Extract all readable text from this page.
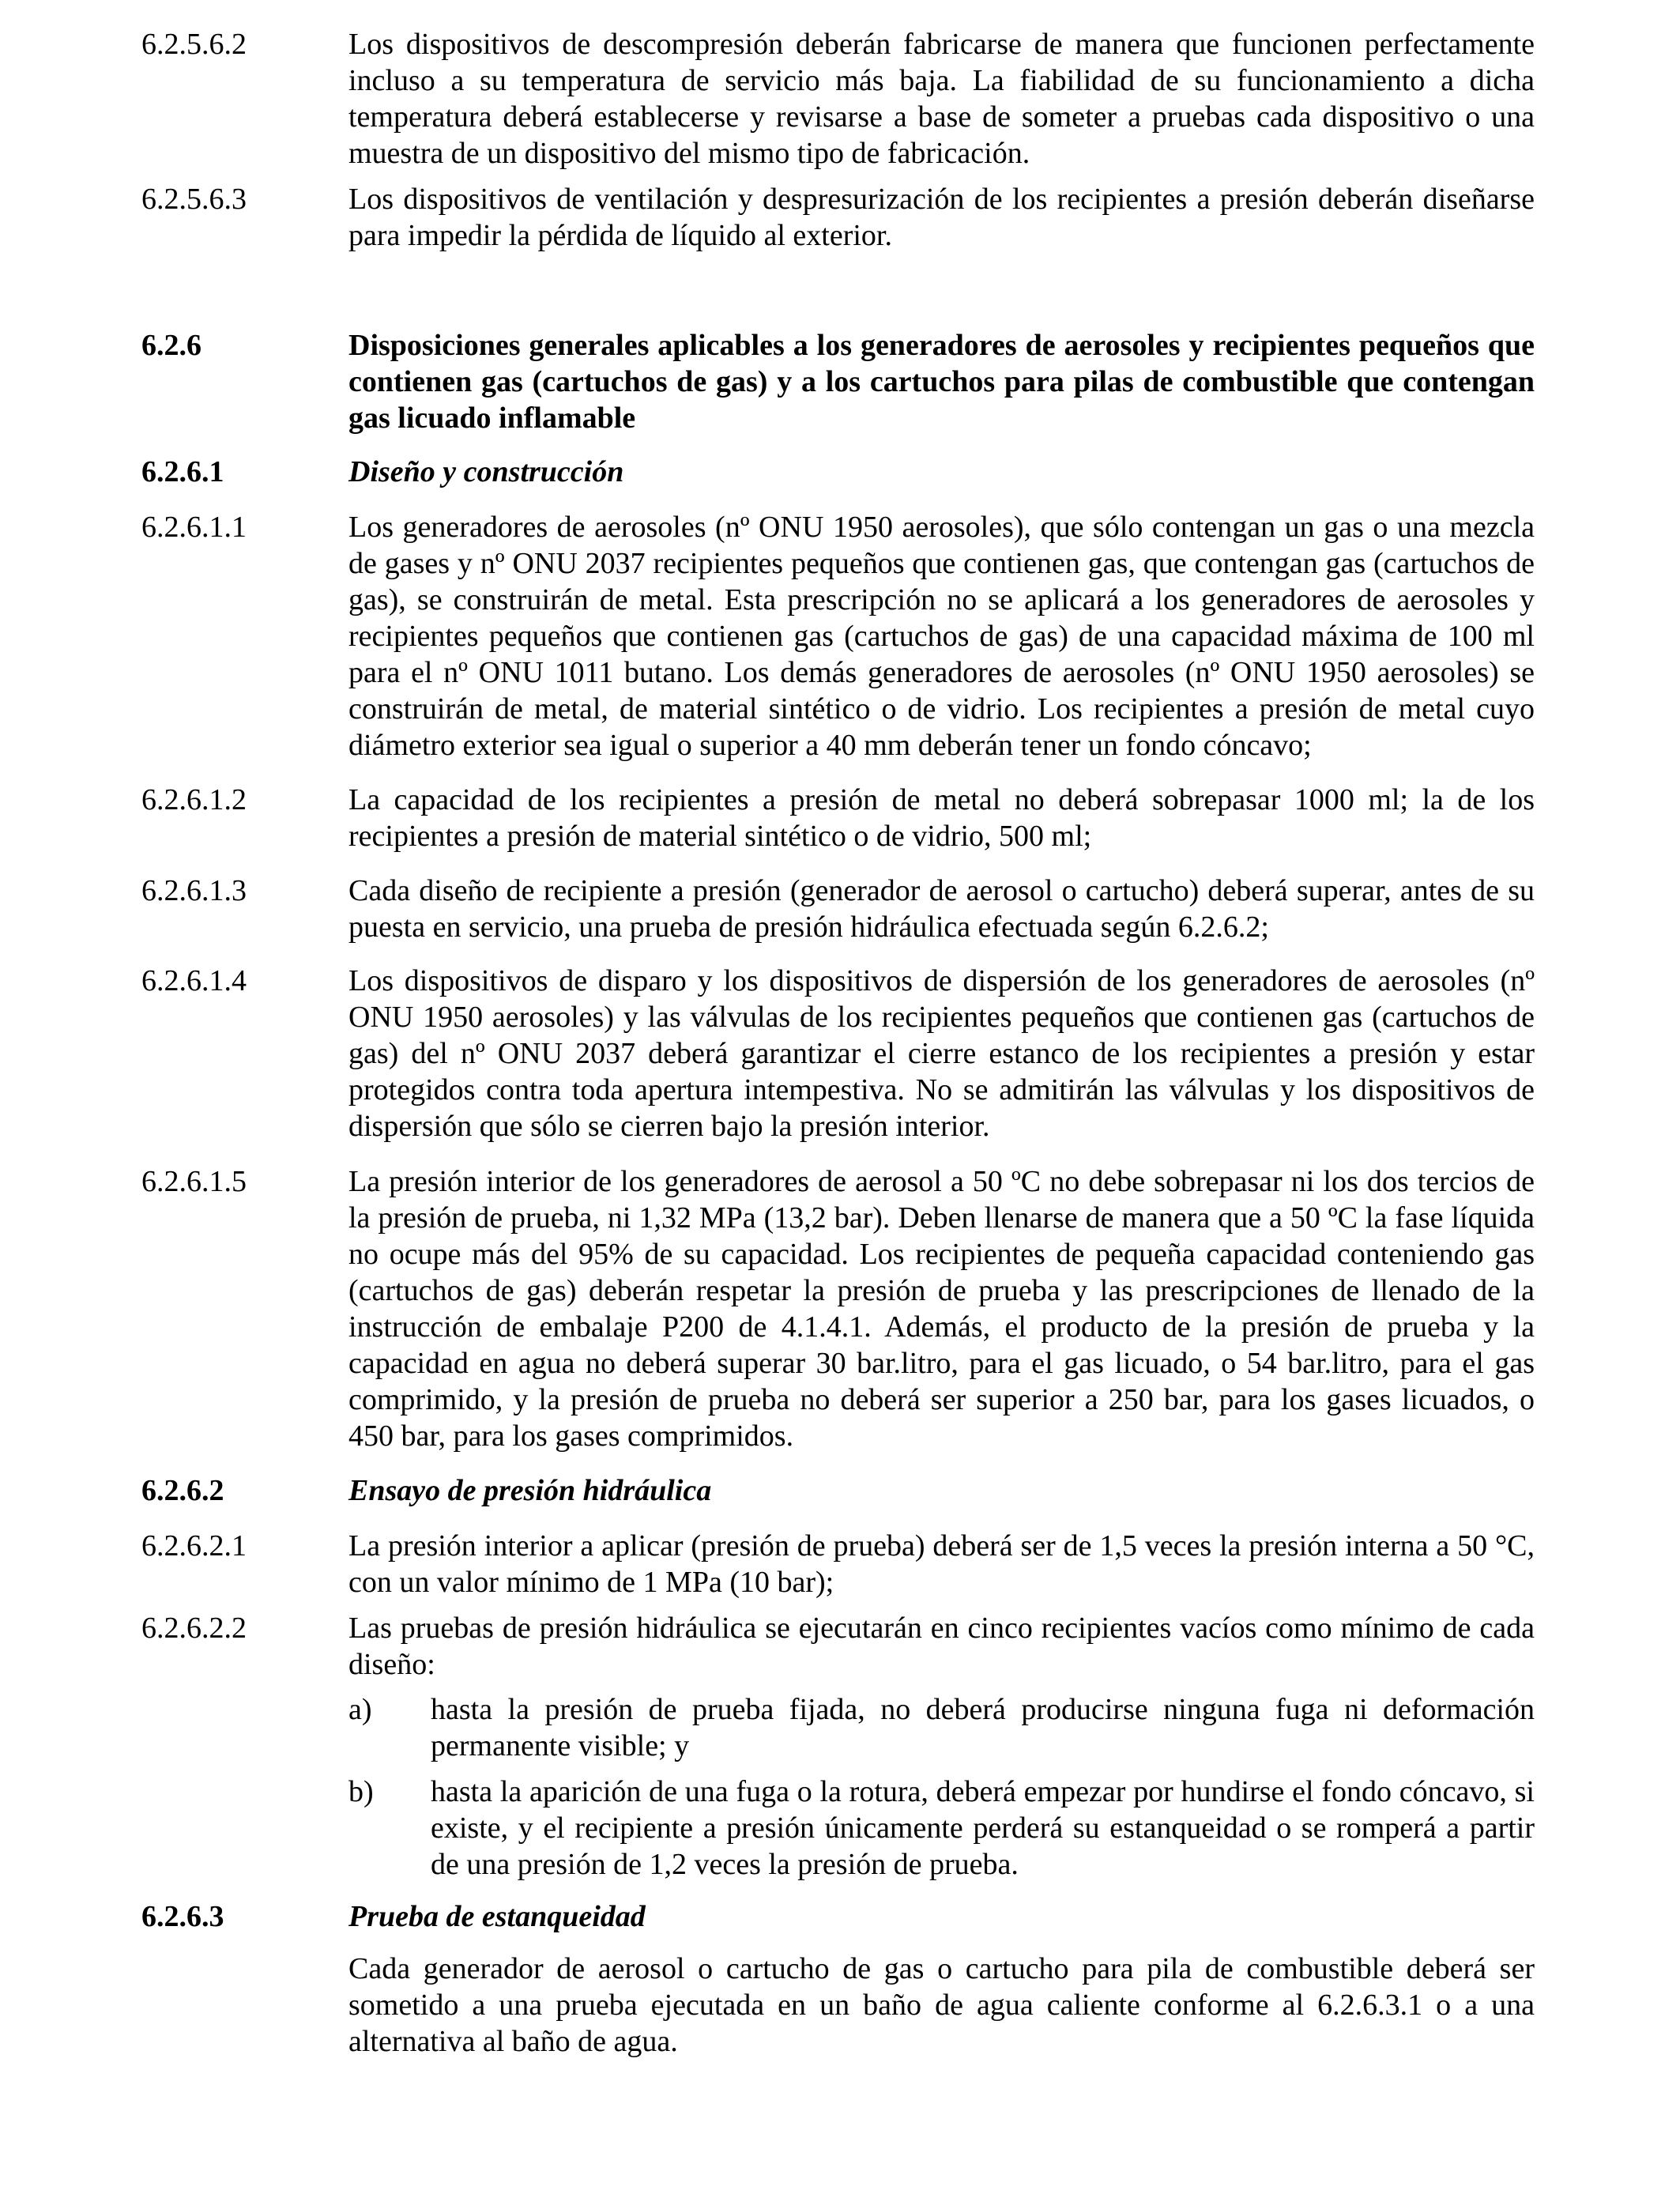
6.2.5.6.2	Los dispositivos de descompresión deberán fabricarse de manera que funcionen perfectamente incluso a su temperatura de servicio más baja. La fiabilidad de su funcionamiento a dicha temperatura deberá establecerse y revisarse a base de someter a pruebas cada dispositivo o una muestra de un dispositivo del mismo tipo de fabricación.
6.2.5.6.3	Los dispositivos de ventilación y despresurización de los recipientes a presión deberán diseñarse para impedir la pérdida de líquido al exterior.
6.2.6	Disposiciones generales aplicables a los generadores de aerosoles y recipientes pequeños que contienen gas (cartuchos de gas) y a los cartuchos para pilas de combustible que contengan gas licuado inflamable
6.2.6.1	Diseño y construcción
6.2.6.1.1	Los generadores de aerosoles (nº ONU 1950 aerosoles), que sólo contengan un gas o una mezcla de gases y nº ONU 2037 recipientes pequeños que contienen gas, que contengan gas (cartuchos de gas), se construirán de metal. Esta prescripción no se aplicará a los generadores de aerosoles y recipientes pequeños que contienen gas (cartuchos de gas) de una capacidad máxima de 100 ml para el nº ONU 1011 butano. Los demás generadores de aerosoles (nº ONU 1950 aerosoles) se construirán de metal, de material sintético o de vidrio. Los recipientes a presión de metal cuyo diámetro exterior sea igual o superior a 40 mm deberán tener un fondo cóncavo;
6.2.6.1.2	La capacidad de los recipientes a presión de metal no deberá sobrepasar 1000 ml; la de los recipientes a presión de material sintético o de vidrio, 500 ml;
6.2.6.1.3	Cada diseño de recipiente a presión (generador de aerosol o cartucho) deberá superar, antes de su puesta en servicio, una prueba de presión hidráulica efectuada según 6.2.6.2;
6.2.6.1.4	Los dispositivos de disparo y los dispositivos de dispersión de los generadores de aerosoles (nº ONU 1950 aerosoles) y las válvulas de los recipientes pequeños que contienen gas (cartuchos de gas) del nº ONU 2037 deberá garantizar el cierre estanco de los recipientes a presión y estar protegidos contra toda apertura intempestiva. No se admitirán las válvulas y los dispositivos de dispersión que sólo se cierren bajo la presión interior.
6.2.6.1.5	La presión interior de los generadores de aerosol a 50 ºC no debe sobrepasar ni los dos tercios de la presión de prueba, ni 1,32 MPa (13,2 bar). Deben llenarse de manera que a 50 ºC la fase líquida no ocupe más del 95% de su capacidad. Los recipientes de pequeña capacidad conteniendo gas (cartuchos de gas) deberán respetar la presión de prueba y las prescripciones de llenado de la instrucción de embalaje P200 de 4.1.4.1. Además, el producto de la presión de prueba y la capacidad en agua no deberá superar 30 bar.litro, para el gas licuado, o 54 bar.litro, para el gas comprimido, y la presión de prueba no deberá ser superior a 250 bar, para los gases licuados, o 450 bar, para los gases comprimidos.
6.2.6.2	Ensayo de presión hidráulica
6.2.6.2.1	La presión interior a aplicar (presión de prueba) deberá ser de 1,5 veces la presión interna a 50 °C, con un valor mínimo de 1 MPa (10 bar);
6.2.6.2.2	Las pruebas de presión hidráulica se ejecutarán en cinco recipientes vacíos como mínimo de cada diseño:
a) hasta la presión de prueba fijada, no deberá producirse ninguna fuga ni deformación permanente visible; y
b) hasta la aparición de una fuga o la rotura, deberá empezar por hundirse el fondo cóncavo, si existe, y el recipiente a presión únicamente perderá su estanqueidad o se romperá a partir de una presión de 1,2 veces la presión de prueba.
6.2.6.3	Prueba de estanqueidad
Cada generador de aerosol o cartucho de gas o cartucho para pila de combustible deberá ser sometido a una prueba ejecutada en un baño de agua caliente conforme al 6.2.6.3.1 o a una alternativa al baño de agua.
